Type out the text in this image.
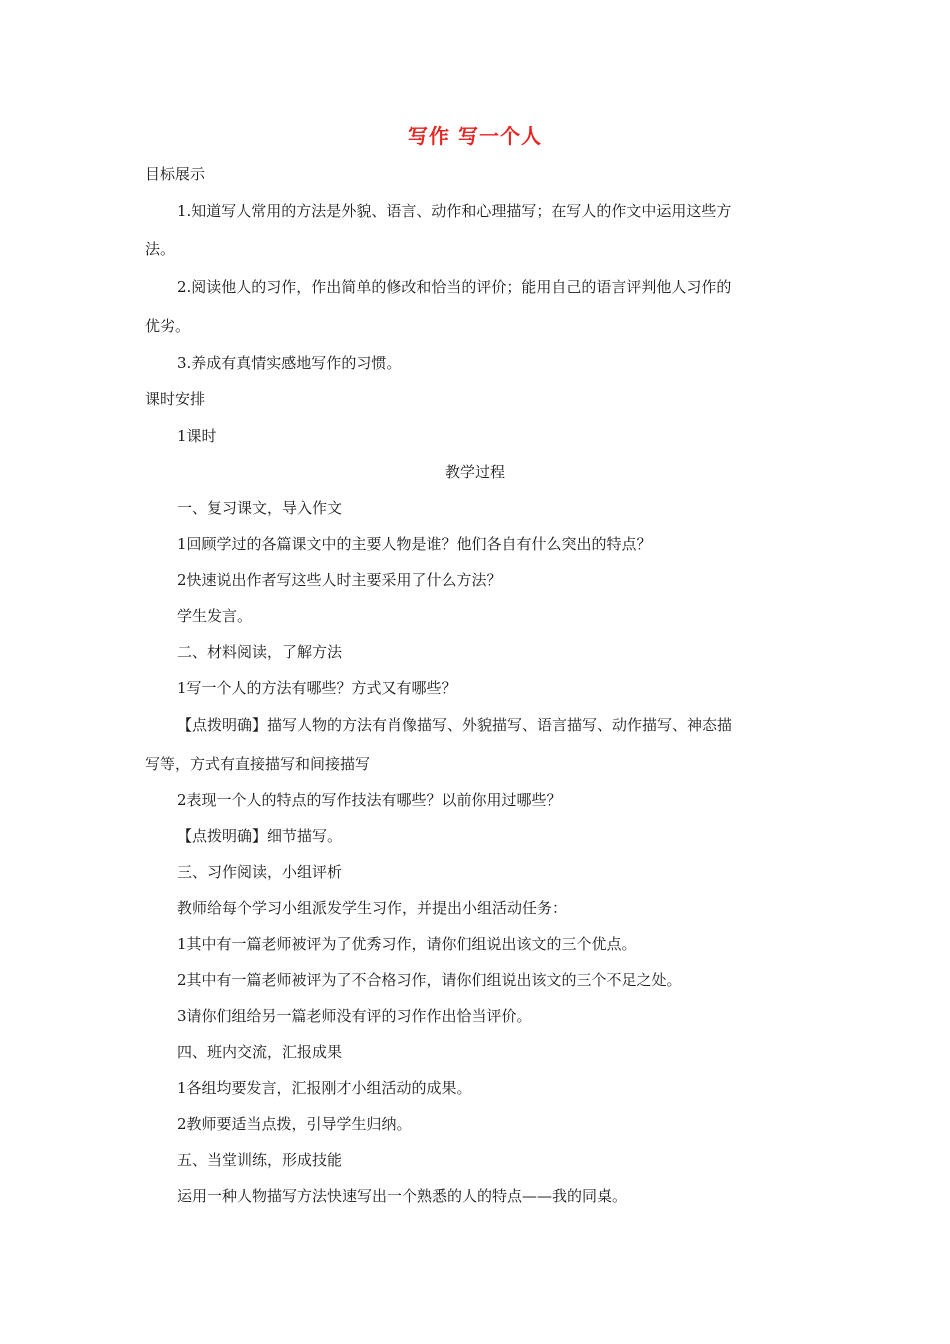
写作 写一个人
目标展示
1.知道写人常用的方法是外貌、语言、动作和心理描写；在写人的作文中运用这些方
法。
2.阅读他人的习作，作出简单的修改和恰当的评价；能用自己的语言评判他人习作的
优劣。
3.养成有真情实感地写作的习惯。
课时安排
1课时
教学过程
一、复习课文，导入作文
1回顾学过的各篇课文中的主要人物是谁？他们各自有什么突出的特点？
2快速说出作者写这些人时主要采用了什么方法？
学生发言。
二、材料阅读，了解方法
1写一个人的方法有哪些？方式又有哪些？
【点拨明确】描写人物的方法有肖像描写、外貌描写、语言描写、动作描写、神态描
写等，方式有直接描写和间接描写
2表现一个人的特点的写作技法有哪些？以前你用过哪些？
【点拨明确】细节描写。
三、习作阅读，小组评析
教师给每个学习小组派发学生习作，并提出小组活动任务：
1其中有一篇老师被评为了优秀习作，请你们组说出该文的三个优点。
2其中有一篇老师被评为了不合格习作，请你们组说出该文的三个不足之处。
3请你们组给另一篇老师没有评的习作作出恰当评价。
四、班内交流，汇报成果
1各组均要发言，汇报刚才小组活动的成果。
2教师要适当点拨，引导学生归纳。
五、当堂训练，形成技能
运用一种人物描写方法快速写出一个熟悉的人的特点——我的同桌。
